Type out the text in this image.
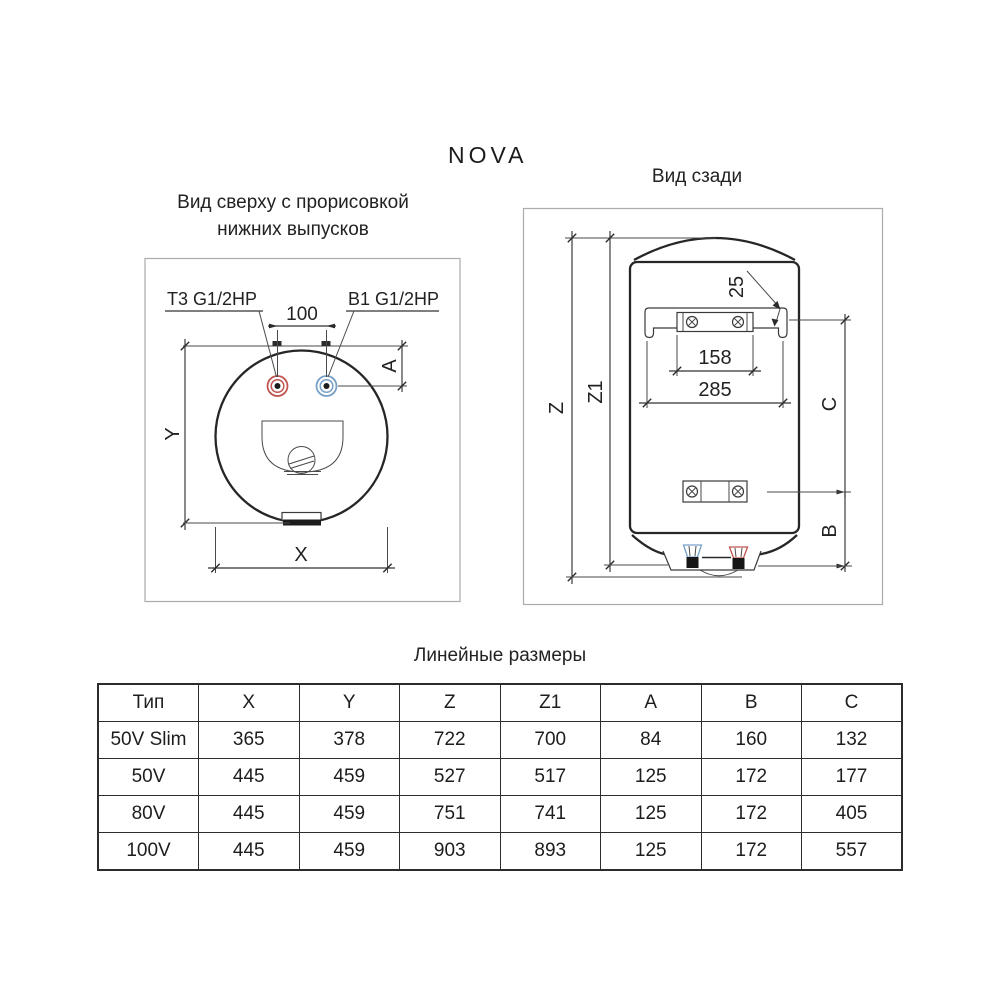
NOVA
Вид сверху с прорисовкой
нижних выпусков
Вид сзади
Т3 G1/2HP	В1 G1/2HP
100
Y
X
A
25
158
285
Z
Z1
C
B
Линейные размеры
Тип	X	Y	Z	Z1	A	B	C
50V Slim	365	378	722	700	84	160	132
50V	445	459	527	517	125	172	177
80V	445	459	751	741	125	172	405
100V	445	459	903	893	125	172	557
